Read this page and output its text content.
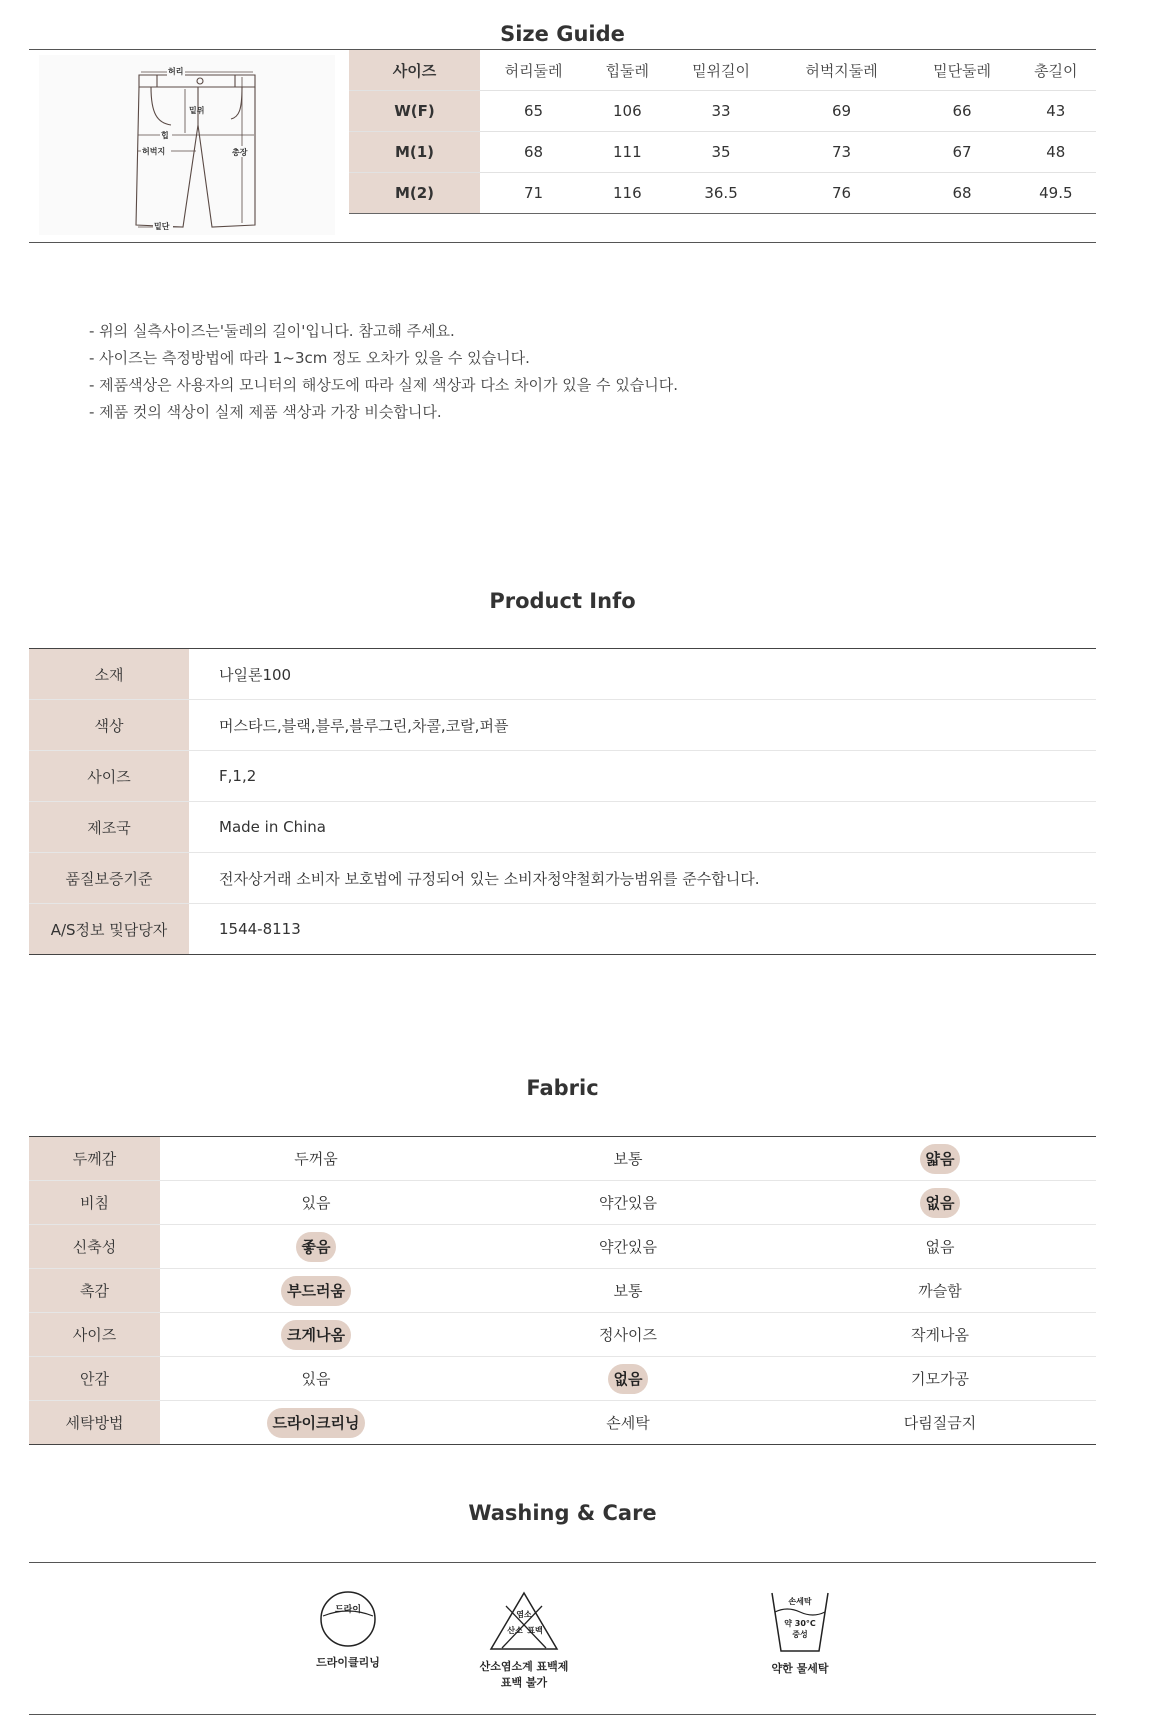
Size Guide
허리
밑위
힙
허벅지	총장
밑단
사이즈	허리둘레	힙둘레	밑위길이	허벅지둘레	밑단둘레	총길이
W(F)	65	106	33	69	66	43
M(1)	68	111	35	73	67	48
M(2)	71	116	36.5	76	68	49.5
- 위의 실측사이즈는'둘레의 길이'입니다. 참고해 주세요.
- 사이즈는 측정방법에 따라 1~3cm 정도 오차가 있을 수 있습니다.
- 제품색상은 사용자의 모니터의 해상도에 따라 실제 색상과 다소 차이가 있을 수 있습니다.
- 제품 컷의 색상이 실제 제품 색상과 가장 비슷합니다.
Product Info
소재	나일론100
색상	머스타드,블랙,블루,블루그린,차콜,코랄,퍼플
사이즈	F,1,2
제조국	Made in China
품질보증기준	전자상거래 소비자 보호법에 규정되어 있는 소비자청약철회가능범위를 준수합니다.
A/S정보 및담당자	1544-8113
Fabric
두께감	두꺼움	보통	얇음
비침	있음	약간있음	없음
신축성	좋음	약간있음	없음
촉감	부드러움	보통	까슬함
사이즈	크게나옴	정사이즈	작게나옴
안감	있음	없음	기모가공
세탁방법	드라이크리닝	손세탁	다림질금지
Washing & Care
드라이
드라이클리닝
염소
산소 표백
산소염소계 표백제
표백 불가
손세탁
약 30°C
중성
약한 물세탁
